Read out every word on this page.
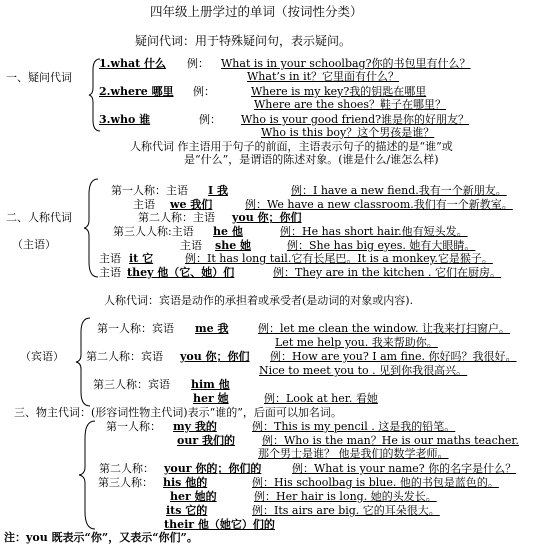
四年级上册学过的单词（按词性分类）
疑问代词：用于特殊疑问句，表示疑问。
一、疑问代词
1.what 什么 例： What is in your schoolbag?你的书包里有什么？
What’s in it？它里面有什么？
2.where 哪里 例：	Where is my key?我的钥匙在哪里
Where are the shoes？鞋子在哪里？
3.who 谁	例： Who is your good friend?谁是你的好朋友？
Who is this boy？这个男孩是谁？
人称代词 作主语用于句子的前面，主语表示句子的描述的是“谁”或
是“什么”，是谓语的陈述对象。(谁是什么/谁怎么样)
二、人称代词
（主语）
第一人称：主语 I 我	例：I have a new fiend.我有一个新朋友。
主语 we 我们	例：We have a new classroom.我们有一个新教室。
第二人称：主语 you 你；你们
第三人人称:主语 he 他	例：He has short hair.他有短头发。
主语 she 她	例：She has big eyes. 她有大眼睛。
主语 it 它	例：It has long tail.它有长尾巴。It is a monkey.它是猴子。
主语 they 他（它、她）们	例：They are in the kitchen . 它们在厨房。
人称代词：宾语是动作的承担着或承受者(是动词的对象或内容).
（宾语）
第一人称：宾语 me 我	例：let me clean the window. 让我来打扫窗户。
Let me help you. 我来帮助你。
第二人称：宾语 you 你；你们 例：How are you? I am fine. 你好吗？我很好。
Nice to meet you to . 见到你我很高兴。
第三人称：宾语 him 他
her 她	例：Look at her. 看她
三、物主代词：(形容词性物主代词)表示“谁的”，后面可以加名词。
第一人称： my 我的	例：This is my pencil . 这是我的铅笔。
our 我们的 例：Who is the man？He is our maths teacher.
那个男士是谁？ 他是我们的数学老师。
第二人称： your 你的；你们的	例：What is your name? 你的名字是什么？
第三人称： his 他的	例：His schoolbag is blue. 他的书包是蓝色的。
her 她的	例：Her hair is long. 她的头发长。
its 它的	例：Its airs are big. 它的耳朵很大。
their 他（她它）们的
注：you 既表示“你”，又表示“你们”。
